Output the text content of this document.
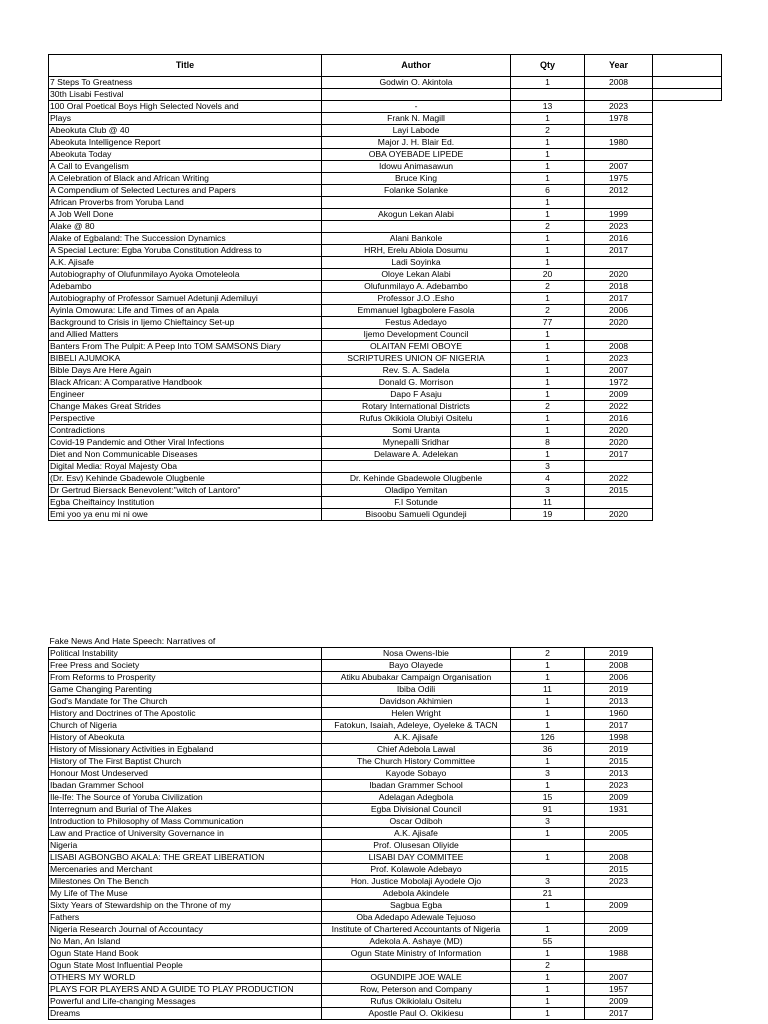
Title	Author	Qty	Year	
7 Steps To Greatness	Godwin O. Akintola	1	2008	
30th Lisabi Festival				
100 Oral Poetical Boys High Selected Novels and	-	13	2023	
Plays	Frank N. Magill	1	1978	
Abeokuta Club @ 40	Layi Labode	2		
Abeokuta Intelligence Report	Major J. H. Blair Ed.	1	1980	
Abeokuta Today	OBA OYEBADE LIPEDE	1		
A Call to Evangelism	Idowu Animasawun	1	2007	
A Celebration of Black and African Writing	Bruce King	1	1975	
A Compendium of Selected Lectures and Papers	Folanke Solanke	6	2012	
African Proverbs from Yoruba Land		1		
A Job Well Done	Akogun Lekan Alabi	1	1999	
Alake @ 80		2	2023	
Alake of Egbaland: The Succession Dynamics	Alani Bankole	1	2016	
A Special Lecture: Egba Yoruba Constitution Address to	HRH, Erelu Abiola Dosumu	1	2017	
A.K. Ajisafe	Ladi Soyinka	1		
Autobiography of Olufunmilayo Ayoka Omoteleola	Oloye Lekan Alabi	20	2020	
Adebambo	Olufunmilayo A. Adebambo	2	2018	
Autobiography of Professor Samuel Adetunji Ademiluyi	Professor J.O .Esho	1	2017	
Ayinla Omowura: Life and Times of an Apala	Emmanuel Igbagbolere Fasola	2	2006	
Background to Crisis in Ijemo Chieftaincy Set-up	Festus Adedayo	77	2020	
and Allied Matters	Ijemo Development Council	1		
Banters From The Pulpit: A Peep Into TOM SAMSONS Diary	OLAITAN FEMI OBOYE	1	2008	
BIBELI AJUMOKA	SCRIPTURES UNION OF NIGERIA	1	2023	
Bible Days Are Here Again	Rev. S. A. Sadela	1	2007	
Black African: A Comparative Handbook	Donald G. Morrison	1	1972	
Engineer	Dapo F Asaju	1	2009	
Change Makes Great Strides	Rotary International Districts	2	2022	
Perspective	Rufus Okikiola Olubiyi Ositelu	1	2016	
Contradictions	Somi Uranta	1	2020	
Covid-19 Pandemic and Other Viral Infections	Mynepalli Sridhar	8	2020	
Diet and Non Communicable Diseases	Delaware A. Adelekan	1	2017	
Digital Media: Royal Majesty Oba		3		
(Dr. Esv) Kehinde Gbadewole Olugbenle	Dr. Kehinde Gbadewole Olugbenle	4	2022	
Dr Gertrud Biersack Benevolent:"witch of Lantoro"	Oladipo Yemitan	3	2015	
Egba Cheiftaincy Institution	F.I Sotunde	11		
Emi yoo ya enu mi ni owe	Bisoobu Samueli Ogundeji	19	2020	
Fake News And Hate Speech: Narratives of				
Political Instability	Nosa Owens-Ibie	2	2019	
Free Press and Society	Bayo Olayede	1	2008	
From Reforms to Prosperity	Atiku Abubakar Campaign Organisation	1	2006	
Game Changing Parenting	Ibiba Odili	11	2019	
God's Mandate for The Church	Davidson Akhimien	1	2013	
History and Doctrines of The Apostolic	Helen Wright	1	1960	
Church of Nigeria	Fatokun, Isaiah, Adeleye, Oyeleke & TACN	1	2017	
History of Abeokuta	A.K. Ajisafe	126	1998	
History of Missionary Activities in Egbaland	Chief Adebola Lawal	36	2019	
History of The First Baptist Church	The Church History Committee	1	2015	
Honour Most Undeserved	Kayode Sobayo	3	2013	
Ibadan Grammer School	Ibadan Grammer School	1	2023	
Ile-Ife: The Source of Yoruba Civilization	Adelagan Adegbola	15	2009	
Interregnum and Burial of The Alakes	Egba Divisional Council	91	1931	
Introduction to Philosophy of Mass Communication	Oscar Odiboh	3		
Law and Practice of University Governance in	A.K. Ajisafe	1	2005	
Nigeria	Prof. Olusesan Oliyide			
LISABI AGBONGBO AKALA: THE GREAT LIBERATION	LISABI DAY COMMITEE	1	2008	
Mercenaries and Merchant	Prof. Kolawole Adebayo		2015	
Milestones On The Bench	Hon. Justice Mobolaji Ayodele Ojo	3	2023	
My Life of The Muse	Adebola Akindele	21		
Sixty Years of Stewardship on the Throne of my	Sagbua Egba	1	2009	
Fathers	Oba Adedapo Adewale Tejuoso			
Nigeria Research Journal of Accountacy	Institute of Chartered Accountants of Nigeria	1	2009	
No Man, An Island	Adekola A. Ashaye (MD)	55		
Ogun State Hand Book	Ogun State Ministry of Information	1	1988	
Ogun State Most Influential People		2		
OTHERS MY WORLD	OGUNDIPE JOE WALE	1	2007	
PLAYS FOR PLAYERS AND A GUIDE TO PLAY PRODUCTION	Row, Peterson and Company	1	1957	
Powerful and Life-changing Messages	Rufus Okikiolalu Ositelu	1	2009	
Dreams	Apostle Paul O. Okikiesu	1	2017	
